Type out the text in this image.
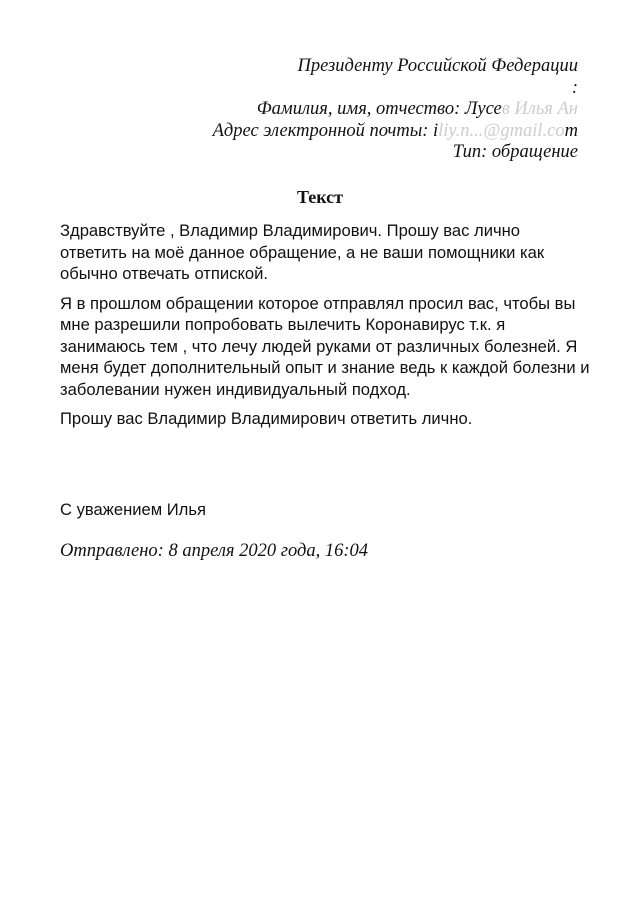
Президенту Российской Федерации
:
Фамилия, имя, отчество: Лусев Илья Ан
Адрес электронной почты: iliy.n...@gmail.com
Тип: обращение
Текст

Здравствуйте , Владимир Владимирович. Прошу вас лично ответить на моё данное обращение, а не ваши помощники как обычно отвечать отпиской.

Я в прошлом обращении которое отправлял просил вас, чтобы вы мне разрешили попробовать вылечить Коронавирус т.к. я занимаюсь тем , что лечу людей руками от различных болезней. Я меня будет дополнительный опыт и знание ведь к каждой болезни и заболевании нужен индивидуальный подход.

Прошу вас Владимир Владимирович ответить лично.

С уважением Илья
Отправлено: 8 апреля 2020 года, 16:04
